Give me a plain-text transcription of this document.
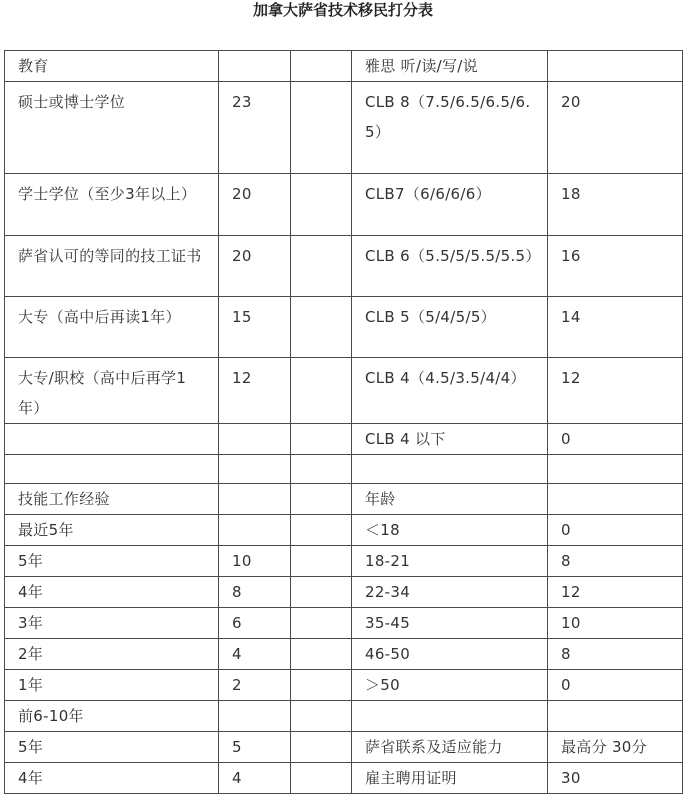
加拿大萨省技术移民打分表
教育			雅思 听/读/写/说	
硕士或博士学位	23		CLB 8（7.5/6.5/6.5/6.5）	20
学士学位（至少3年以上）	20		CLB7（6/6/6/6）	18
萨省认可的等同的技工证书	20		CLB 6（5.5/5/5.5/5.5）	16
大专（高中后再读1年）	15		CLB 5（5/4/5/5）	14
大专/职校（高中后再学1年）	12		CLB 4（4.5/3.5/4/4）	12
			CLB 4 以下	0

技能工作经验			年龄	
最近5年			＜18	0
5年	10		18-21	8
4年	8		22-34	12
3年	6		35-45	10
2年	4		46-50	8
1年	2		＞50	0
前6-10年				
5年	5		萨省联系及适应能力	最高分 30分
4年	4		雇主聘用证明	30
